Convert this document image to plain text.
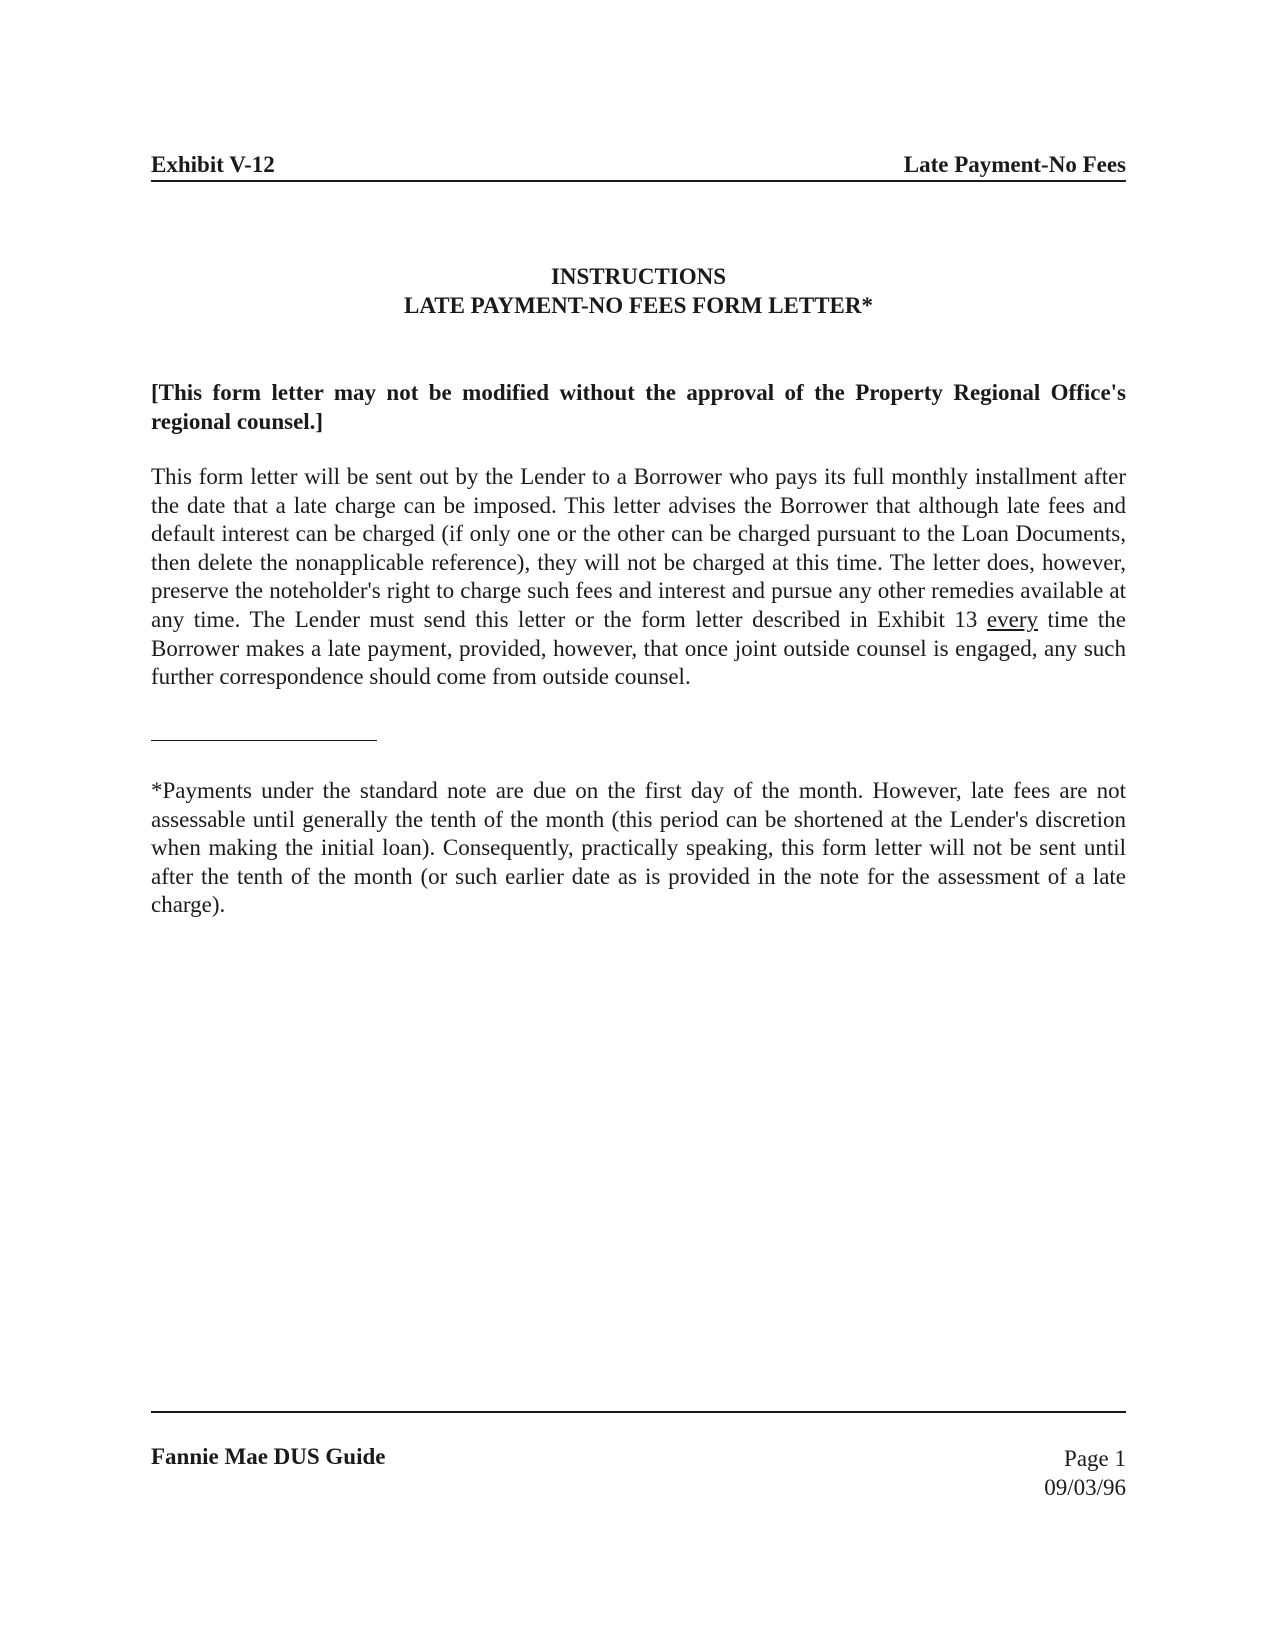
Exhibit V-12	Late Payment-No Fees
INSTRUCTIONS
LATE PAYMENT-NO FEES FORM LETTER*
[This form letter may not be modified without the approval of the Property Regional Office's regional counsel.]
This form letter will be sent out by the Lender to a Borrower who pays its full monthly installment after the date that a late charge can be imposed. This letter advises the Borrower that although late fees and default interest can be charged (if only one or the other can be charged pursuant to the Loan Documents, then delete the nonapplicable reference), they will not be charged at this time. The letter does, however, preserve the noteholder's right to charge such fees and interest and pursue any other remedies available at any time. The Lender must send this letter or the form letter described in Exhibit 13 every time the Borrower makes a late payment, provided, however, that once joint outside counsel is engaged, any such further correspondence should come from outside counsel.
*Payments under the standard note are due on the first day of the month. However, late fees are not assessable until generally the tenth of the month (this period can be shortened at the Lender's discretion when making the initial loan). Consequently, practically speaking, this form letter will not be sent until after the tenth of the month (or such earlier date as is provided in the note for the assessment of a late charge).
Fannie Mae DUS Guide	Page 1
09/03/96
